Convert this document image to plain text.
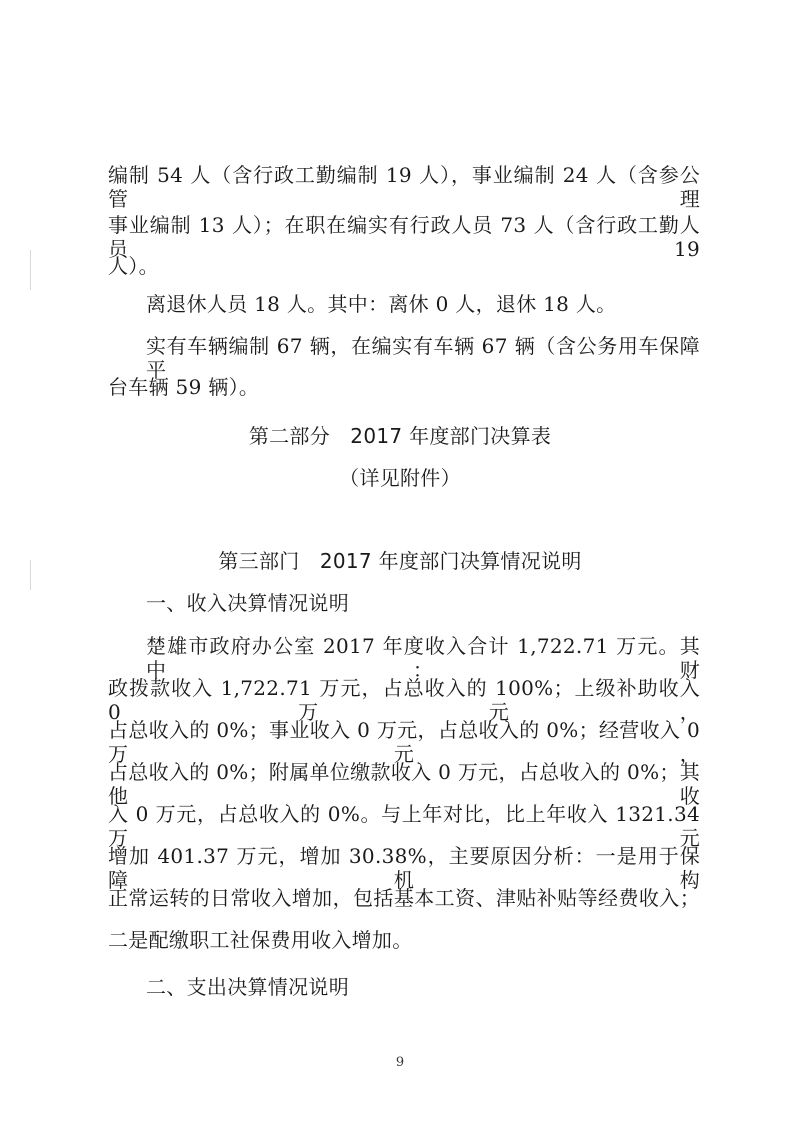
编制 54 人（含行政工勤编制 19 人），事业编制 24 人（含参公管理
事业编制 13 人）；在职在编实有行政人员 73 人（含行政工勤人员 19
人）。
离退休人员 18 人。其中：离休 0 人，退休 18 人。
实有车辆编制 67 辆，在编实有车辆 67 辆（含公务用车保障平
台车辆 59 辆）。
第二部分　2017 年度部门决算表
（详见附件）
第三部门　2017 年度部门决算情况说明
一、收入决算情况说明
楚雄市政府办公室 2017 年度收入合计 1,722.71 万元。其中：财
政拨款收入 1,722.71 万元，占总收入的 100%；上级补助收入 0 万元，
占总收入的 0%；事业收入 0 万元，占总收入的 0%；经营收入 0 万元，
占总收入的 0%；附属单位缴款收入 0 万元，占总收入的 0%；其他收
入 0 万元，占总收入的 0%。与上年对比，比上年收入 1321.34 万元
增加 401.37 万元，增加 30.38%，主要原因分析：一是用于保障机构
正常运转的日常收入增加，包括基本工资、津贴补贴等经费收入；
二是配缴职工社保费用收入增加。
二、支出决算情况说明
9
